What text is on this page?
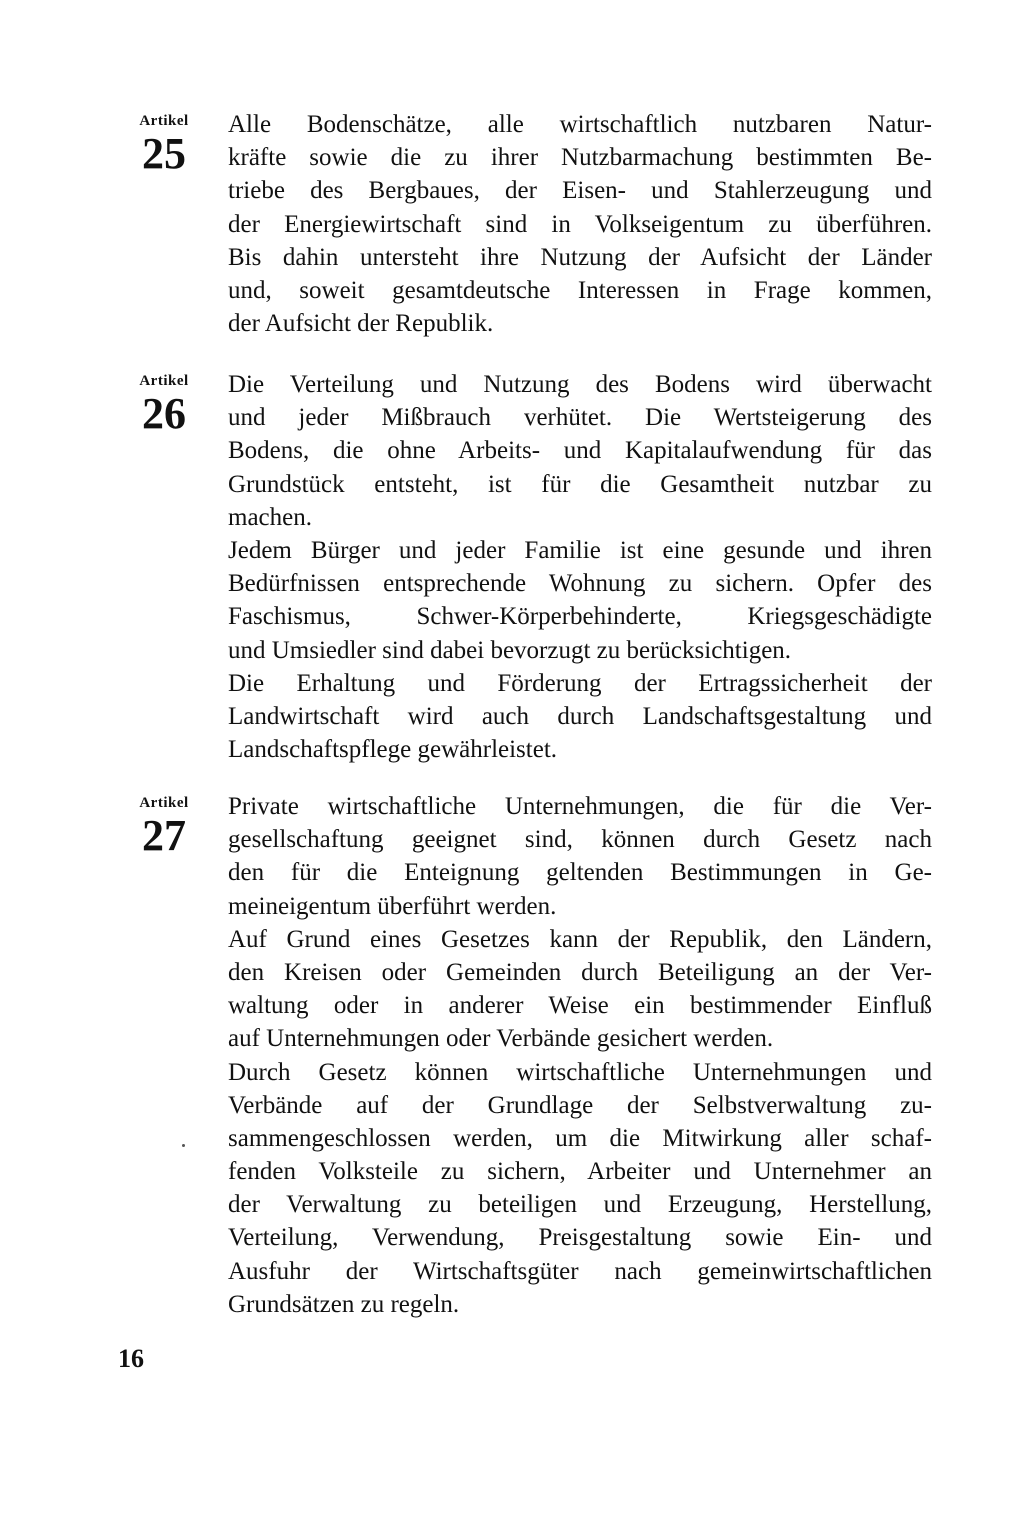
Artikel
25
Alle Bodenschätze, alle wirtschaftlich nutzbaren Natur-
kräfte sowie die zu ihrer Nutzbarmachung bestimmten Be-
triebe des Bergbaues, der Eisen- und Stahlerzeugung und
der Energiewirtschaft sind in Volkseigentum zu überführen.
Bis dahin untersteht ihre Nutzung der Aufsicht der Länder
und, soweit gesamtdeutsche Interessen in Frage kommen,
der Aufsicht der Republik.
Artikel
26
Die Verteilung und Nutzung des Bodens wird überwacht
und jeder Mißbrauch verhütet. Die Wertsteigerung des
Bodens, die ohne Arbeits- und Kapitalaufwendung für das
Grundstück entsteht, ist für die Gesamtheit nutzbar zu
machen.
Jedem Bürger und jeder Familie ist eine gesunde und ihren
Bedürfnissen entsprechende Wohnung zu sichern. Opfer des
Faschismus, Schwer-Körperbehinderte, Kriegsgeschädigte
und Umsiedler sind dabei bevorzugt zu berücksichtigen.
Die Erhaltung und Förderung der Ertragssicherheit der
Landwirtschaft wird auch durch Landschaftsgestaltung und
Landschaftspflege gewährleistet.
Artikel
27
Private wirtschaftliche Unternehmungen, die für die Ver-
gesellschaftung geeignet sind, können durch Gesetz nach
den für die Enteignung geltenden Bestimmungen in Ge-
meineigentum überführt werden.
Auf Grund eines Gesetzes kann der Republik, den Ländern,
den Kreisen oder Gemeinden durch Beteiligung an der Ver-
waltung oder in anderer Weise ein bestimmender Einfluß
auf Unternehmungen oder Verbände gesichert werden.
Durch Gesetz können wirtschaftliche Unternehmungen und
Verbände auf der Grundlage der Selbstverwaltung zu-
sammengeschlossen werden, um die Mitwirkung aller schaf-
fenden Volksteile zu sichern, Arbeiter und Unternehmer an
der Verwaltung zu beteiligen und Erzeugung, Herstellung,
Verteilung, Verwendung, Preisgestaltung sowie Ein- und
Ausfuhr der Wirtschaftsgüter nach gemeinwirtschaftlichen
Grundsätzen zu regeln.
16
